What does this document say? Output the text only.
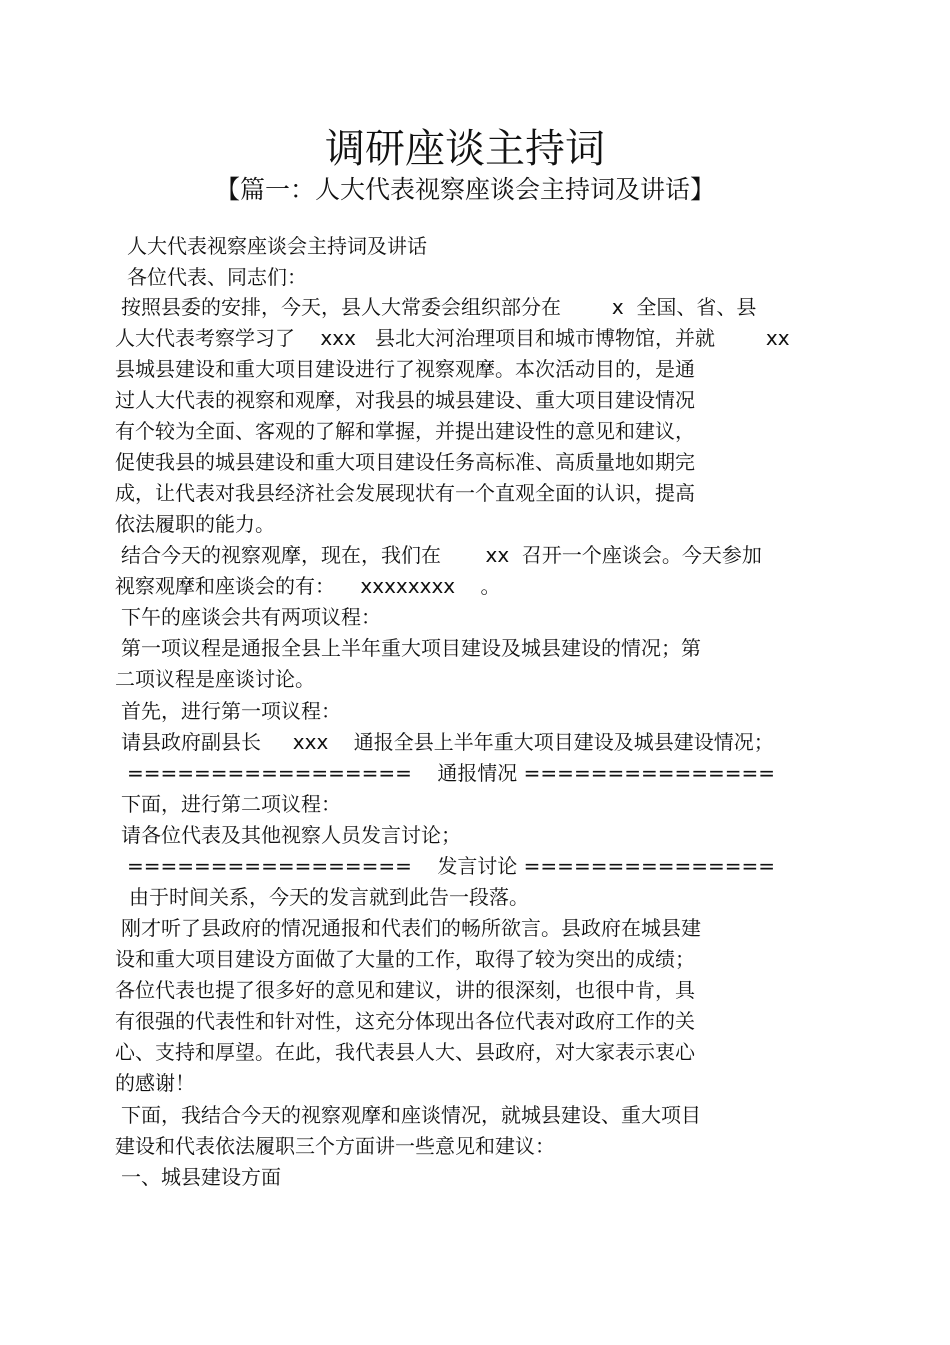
调研座谈主持词
【篇一：人大代表视察座谈会主持词及讲话】

人大代表视察座谈会主持词及讲话

各位代表、同志们：

按照县委的安排，今天，县人大常委会组织部分在        x  全国、省、县

人大代表考察学习了    xxx   县北大河治理项目和城市博物馆，并就        xx

县城县建设和重大项目建设进行了视察观摩。本次活动目的，是通

过人大代表的视察和观摩，对我县的城县建设、重大项目建设情况

有个较为全面、客观的了解和掌握，并提出建设性的意见和建议，

促使我县的城县建设和重大项目建设任务高标准、高质量地如期完

成，让代表对我县经济社会发展现状有一个直观全面的认识，提高

依法履职的能力。

结合今天的视察观摩，现在，我们在       xx  召开一个座谈会。今天参加

视察观摩和座谈会的有：    xxxxxxxx    。

下午的座谈会共有两项议程：

第一项议程是通报全县上半年重大项目建设及城县建设的情况；第

二项议程是座谈讨论。

首先，进行第一项议程：

请县政府副县长     xxx    通报全县上半年重大项目建设及城县建设情况；

=================    通报情况 ===============

下面，进行第二项议程：

请各位代表及其他视察人员发言讨论；

=================    发言讨论 ===============

由于时间关系，今天的发言就到此告一段落。

刚才听了县政府的情况通报和代表们的畅所欲言。县政府在城县建

设和重大项目建设方面做了大量的工作，取得了较为突出的成绩；

各位代表也提了很多好的意见和建议，讲的很深刻，也很中肯，具

有很强的代表性和针对性，这充分体现出各位代表对政府工作的关

心、支持和厚望。在此，我代表县人大、县政府，对大家表示衷心

的感谢！

下面，我结合今天的视察观摩和座谈情况，就城县建设、重大项目

建设和代表依法履职三个方面讲一些意见和建议：

一、城县建设方面
